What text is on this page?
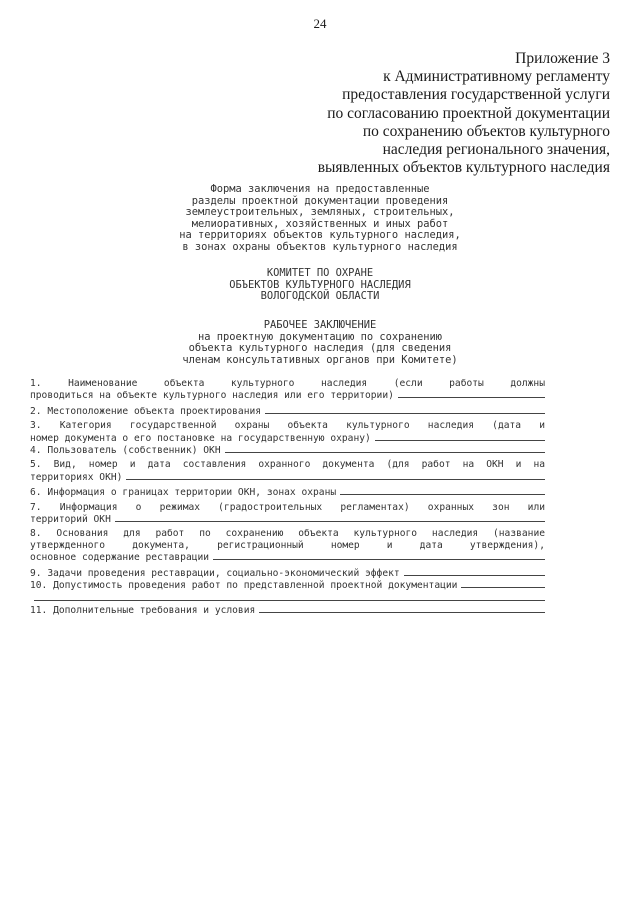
24
Приложение 3
к Административному регламенту
предоставления государственной услуги
по согласованию проектной документации
по сохранению объектов культурного
наследия регионального значения,
выявленных объектов культурного наследия
Форма заключения на предоставленные
разделы проектной документации проведения
землеустроительных, земляных, строительных,
мелиоративных, хозяйственных и иных работ
на территориях объектов культурного наследия,
в зонах охраны объектов культурного наследия
КОМИТЕТ ПО ОХРАНЕ
ОБЪЕКТОВ КУЛЬТУРНОГО НАСЛЕДИЯ
ВОЛОГОДСКОЙ ОБЛАСТИ
РАБОЧЕЕ ЗАКЛЮЧЕНИЕ
на проектную документацию по сохранению
объекта культурного наследия (для сведения
членам консультативных органов при Комитете)
1. Наименование объекта культурного наследия (если работы должны
проводиться на объекте культурного наследия или его территории)
2. Местоположение объекта проектирования
3. Категория государственной охраны объекта культурного наследия (дата и
номер документа о его постановке на государственную охрану)
4. Пользователь (собственник) ОКН
5. Вид, номер и дата составления охранного документа (для работ на ОКН и на
территориях ОКН)
6. Информация о границах территории ОКН, зонах охраны
7. Информация о режимах (градостроительных регламентах) охранных зон или
территорий ОКН
8. Основания для работ по сохранению объекта культурного наследия (название
утвержденного документа, регистрационный номер и дата утверждения),
основное содержание реставрации
9. Задачи проведения реставрации, социально-экономический эффект
10. Допустимость проведения работ по представленной проектной документации
11. Дополнительные требования и условия
